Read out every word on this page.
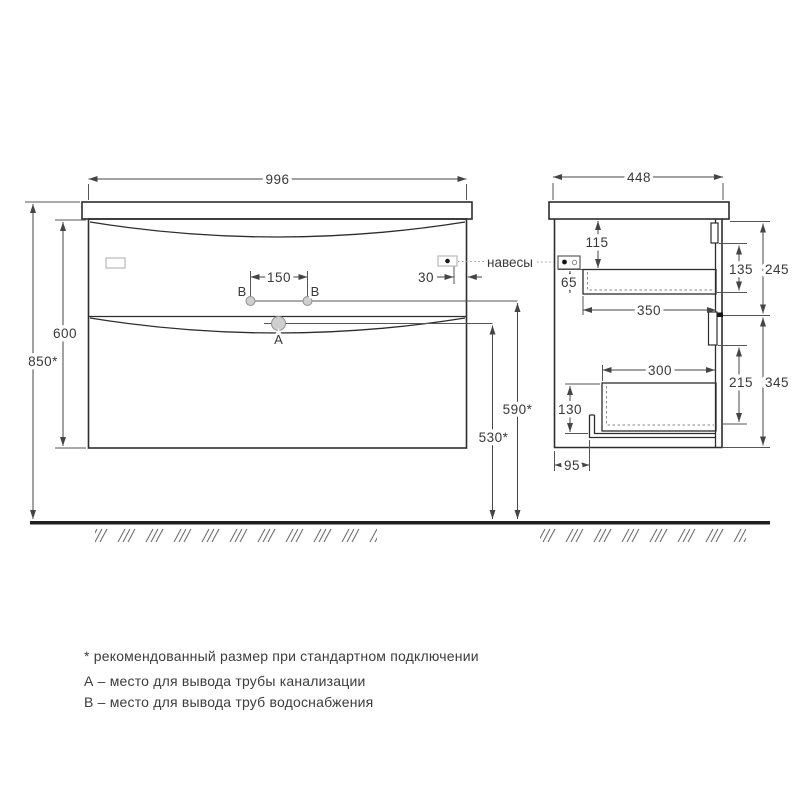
B	B
A
150	30
996
600
850*
590*
530*
навесы
448
115
65
350
300
130
95
135 245
215 345
* рекомендованный размер при стандартном подключении
А – место для вывода трубы канализации
В – место для вывода труб водоснабжения
